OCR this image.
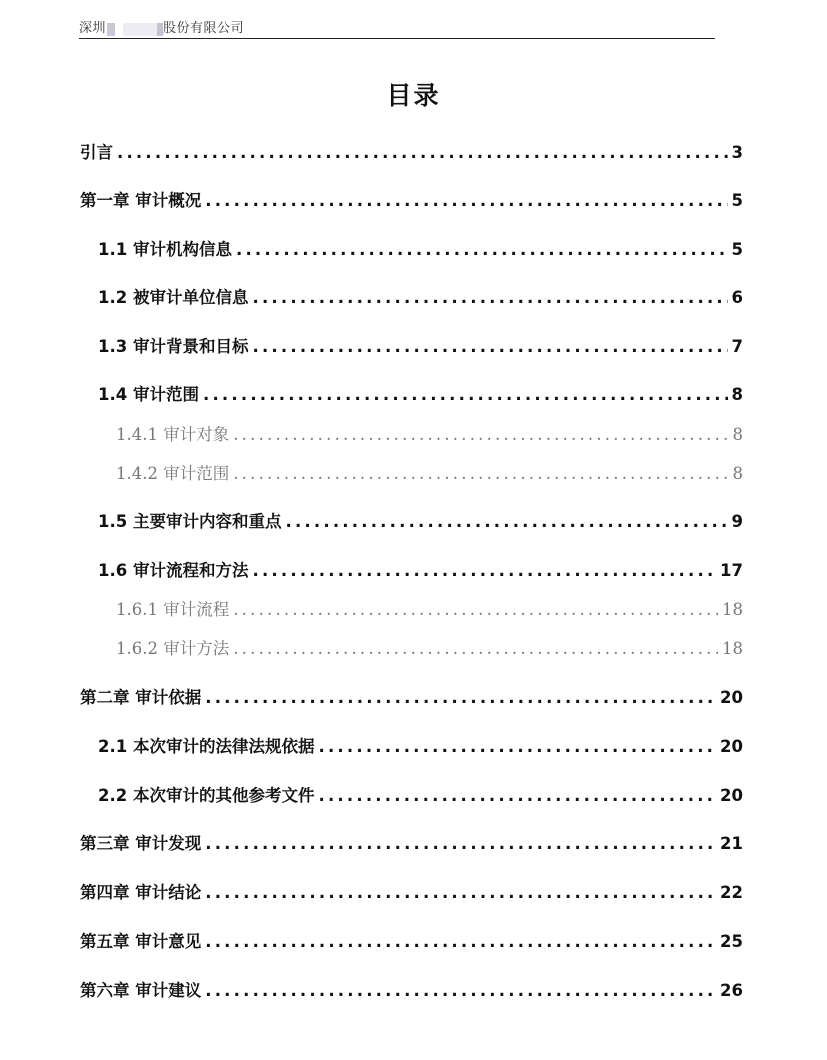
深圳	股份有限公司
目录
引言 .....	3
第一章 审计概况 .....	5
1.1 审计机构信息 .....	5
1.2 被审计单位信息 .....	6
1.3 审计背景和目标 .....	7
1.4 审计范围 .....	8
1.4.1 审计对象 .....	8
1.4.2 审计范围 .....	8
1.5 主要审计内容和重点 .....	9
1.6 审计流程和方法 .....	17
1.6.1 审计流程 .....	18
1.6.2 审计方法 .....	18
第二章 审计依据 .....	20
2.1 本次审计的法律法规依据 .....	20
2.2 本次审计的其他参考文件 .....	20
第三章 审计发现 .....	21
第四章 审计结论 .....	22
第五章 审计意见 .....	25
第六章 审计建议 .....	26
